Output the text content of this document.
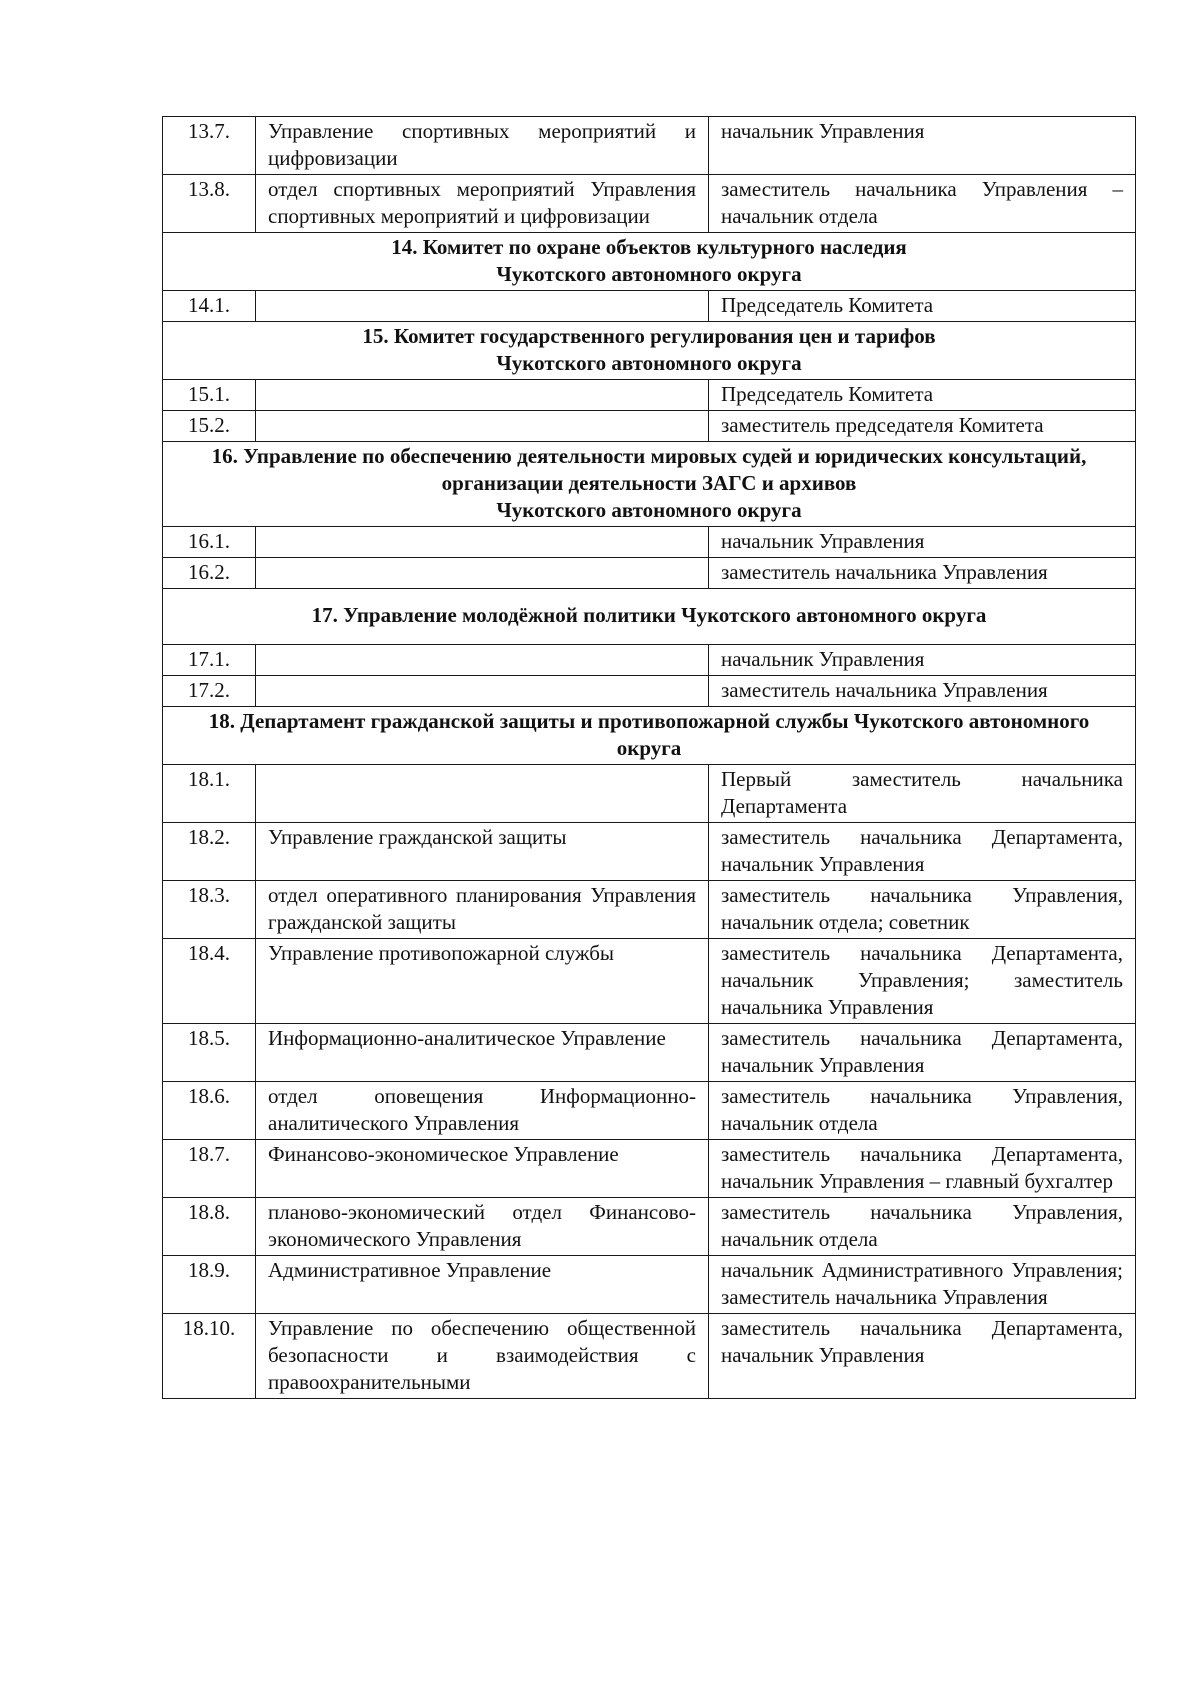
13.7.	Управление спортивных мероприятий и цифровизации	начальник Управления
13.8.	отдел спортивных мероприятий Управления спортивных мероприятий и цифровизации	заместитель начальника Управления – начальник отдела

14. Комитет по охране объектов культурного наследия
Чукотского автономного округа		

14.1.		Председатель Комитета

15. Комитет государственного регулирования цен и тарифов
Чукотского автономного округа		

15.1.		Председатель Комитета
15.2.		заместитель председателя Комитета

16. Управление по обеспечению деятельности мировых судей и юридических консультаций, организации деятельности ЗАГС и архивов
Чукотского автономного округа		

16.1.		начальник Управления
16.2.		заместитель начальника Управления

17. Управление молодёжной политики Чукотского автономного округа		

17.1.		начальник Управления
17.2.		заместитель начальника Управления

18. Департамент гражданской защиты и противопожарной службы Чукотского автономного округа		

18.1.		Первый заместитель начальника Департамента
18.2.	Управление гражданской защиты	заместитель начальника Департамента, начальник Управления
18.3.	отдел оперативного планирования Управления гражданской защиты	заместитель начальника Управления, начальник отдела; советник
18.4.	Управление противопожарной службы	заместитель начальника Департамента, начальник Управления; заместитель начальника Управления
18.5.	Информационно-аналитическое Управление	заместитель начальника Департамента, начальник Управления
18.6.	отдел оповещения Информационно-аналитического Управления	заместитель начальника Управления, начальник отдела
18.7.	Финансово-экономическое Управление	заместитель начальника Департамента, начальник Управления – главный бухгалтер
18.8.	планово-экономический отдел Финансово-экономического Управления	заместитель начальника Управления, начальник отдела
18.9.	Административное Управление	начальник Административного Управления; заместитель начальника Управления
18.10.	Управление по обеспечению общественной безопасности и взаимодействия с правоохранительными	заместитель начальника Департамента, начальник Управления
